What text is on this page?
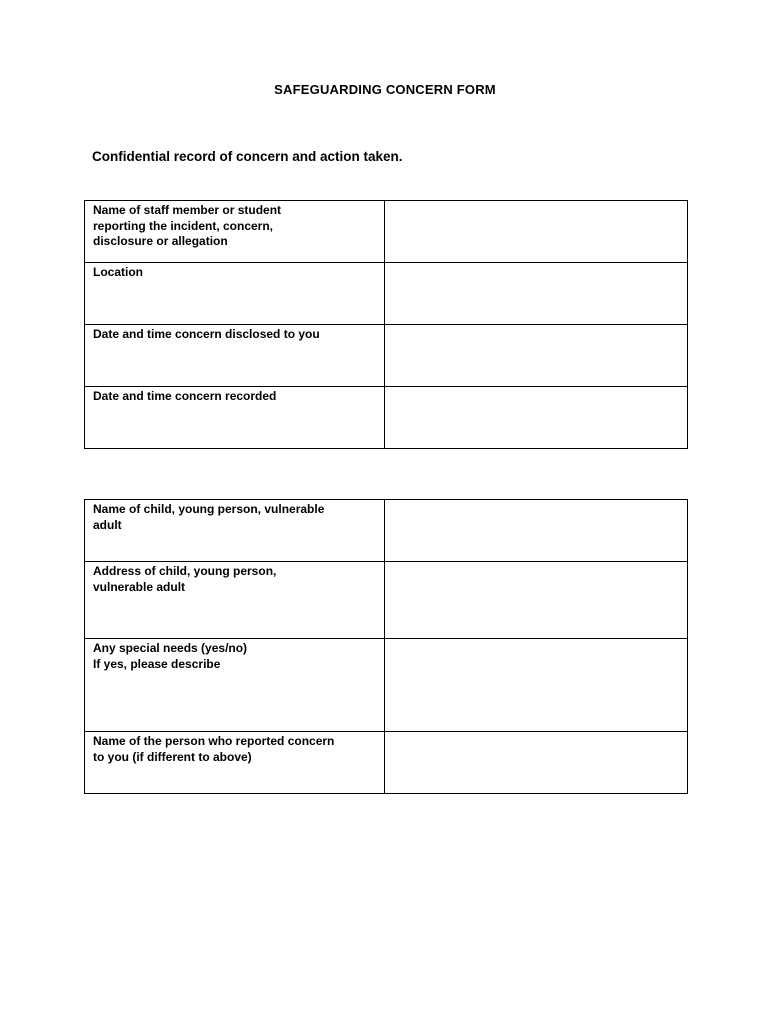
SAFEGUARDING CONCERN FORM
Confidential record of concern and action taken.
Name of staff member or student
reporting the incident, concern,
disclosure or allegation	

Location	

Date and time concern disclosed to you	

Date and time concern recorded	

Name of child, young person, vulnerable
adult	

Address of child, young person,
vulnerable adult	

Any special needs (yes/no)
If yes, please describe	

Name of the person who reported concern
to you (if different to above)	
